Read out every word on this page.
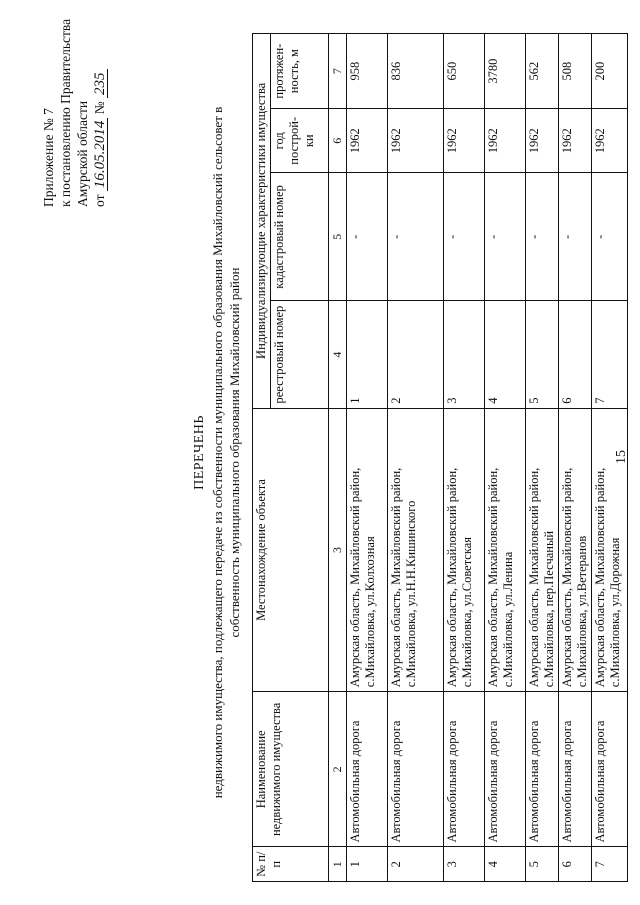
15
Приложение № 7 к постановлению Правительства Амурской области от 16.05.2014 № 235
ПЕРЕЧЕНЬ недвижимого имущества, подлежащего передаче из собственности муниципального образования Михайловский сельсовет в собственность муниципального образования Михайловский район
№ п/п	Наименование недвижимого имущества	Местонахождение объекта	Индивидуализирующие характеристики имущества			
			реестровый номер	кадастровый номер	год построй-ки	протяжен-ность, м
1	2	3	4	5	6	7
1	Автомобильная дорога	Амурская область, Михайловский район, с.Михайловка, ул.Колхозная	1	-	1962	958
2	Автомобильная дорога	Амурская область, Михайловский район, с.Михайловка, ул.Н.Н.Кишинского	2	-	1962	836
3	Автомобильная дорога	Амурская область, Михайловский район, с.Михайловка, ул.Советская	3	-	1962	650
4	Автомобильная дорога	Амурская область, Михайловский район, с.Михайловка, ул.Ленина	4	-	1962	3780
5	Автомобильная дорога	Амурская область, Михайловский район, с.Михайловка, пер.Песчаный	5	-	1962	562
6	Автомобильная дорога	Амурская область, Михайловский район, с.Михайловка, ул.Ветеранов	6	-	1962	508
7	Автомобильная дорога	Амурская область, Михайловский район, с.Михайловка, ул.Дорожная	7	-	1962	200
